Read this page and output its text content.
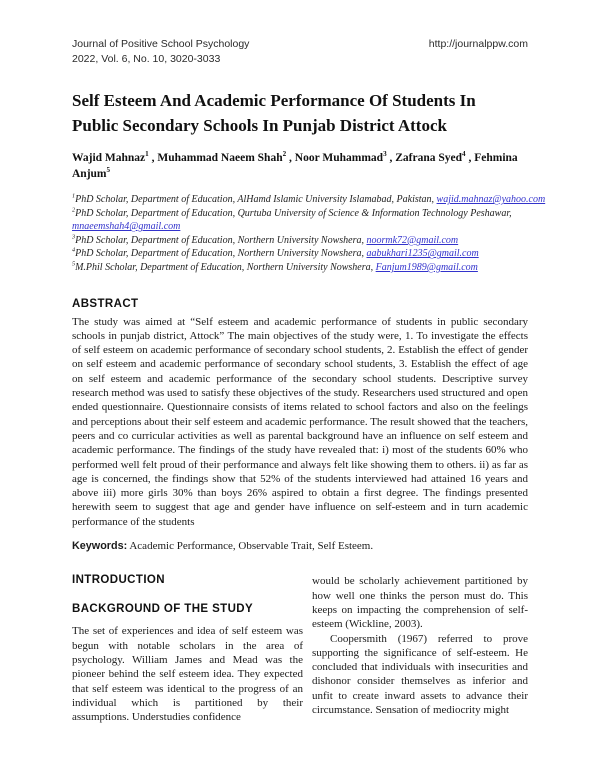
Journal of Positive School Psychology
2022, Vol. 6, No. 10, 3020-3033
http://journalppw.com
Self Esteem And Academic Performance Of Students In Public Secondary Schools In Punjab District Attock
Wajid Mahnaz$^1$ , Muhammad Naeem Shah$^2$ , Noor Muhammad$^3$ , Zafrana Syed$^4$ , Fehmina Anjum$^5$
$^1$PhD Scholar, Department of Education, AlHamd Islamic University Islamabad, Pakistan, wajid.mahnaz@yahoo.com
$^2$PhD Scholar, Department of Education, Qurtuba University of Science & Information Technology Peshawar, mnaeemshah4@gmail.com
$^3$PhD Scholar, Department of Education, Northern University Nowshera, noormk72@gmail.com
$^4$PhD Scholar, Department of Education, Northern University Nowshera, aabukhari1235@gmail.com
$^5$M.Phil Scholar, Department of Education, Northern University Nowshera, Fanjum1989@gmail.com
ABSTRACT
The study was aimed at “Self esteem and academic performance of students in public secondary schools in punjab district, Attock” The main objectives of the study were, 1. To investigate the effects of self esteem on academic performance of secondary school students, 2. Establish the effect of gender on self esteem and academic performance of secondary school students, 3. Establish the effect of age on self esteem and academic performance of the secondary school students. Descriptive survey research method was used to satisfy these objectives of the study. Researchers used structured and open ended questionnaire. Questionnaire consists of items related to school factors and also on the feelings and perceptions about their self esteem and academic performance. The result showed that the teachers, peers and co curricular activities as well as parental background have an influence on self esteem and academic performance. The findings of the study have revealed that: i) most of the students 60% who performed well felt proud of their performance and always felt like showing them to others. ii) as far as age is concerned, the findings show that 52% of the students interviewed had attained 16 years and above iii) more girls 30% than boys 26% aspired to obtain a first degree. The findings presented herewith seem to suggest that age and gender have influence on self-esteem and in turn academic performance of the students
Keywords: Academic Performance, Observable Trait, Self Esteem.
INTRODUCTION
BACKGROUND OF THE STUDY
The set of experiences and idea of self esteem was begun with notable scholars in the area of psychology. William James and Mead was the pioneer behind the self esteem idea. They expected that self esteem was identical to the progress of an individual which is partitioned by their assumptions. Understudies confidence
would be scholarly achievement partitioned by how well one thinks the person must do. This keeps on impacting the comprehension of self-esteem (Wickline, 2003).
Coopersmith (1967) referred to prove supporting the significance of self-esteem. He concluded that individuals with insecurities and dishonor consider themselves as inferior and unfit to create inward assets to advance their circumstance. Sensation of mediocrity might
